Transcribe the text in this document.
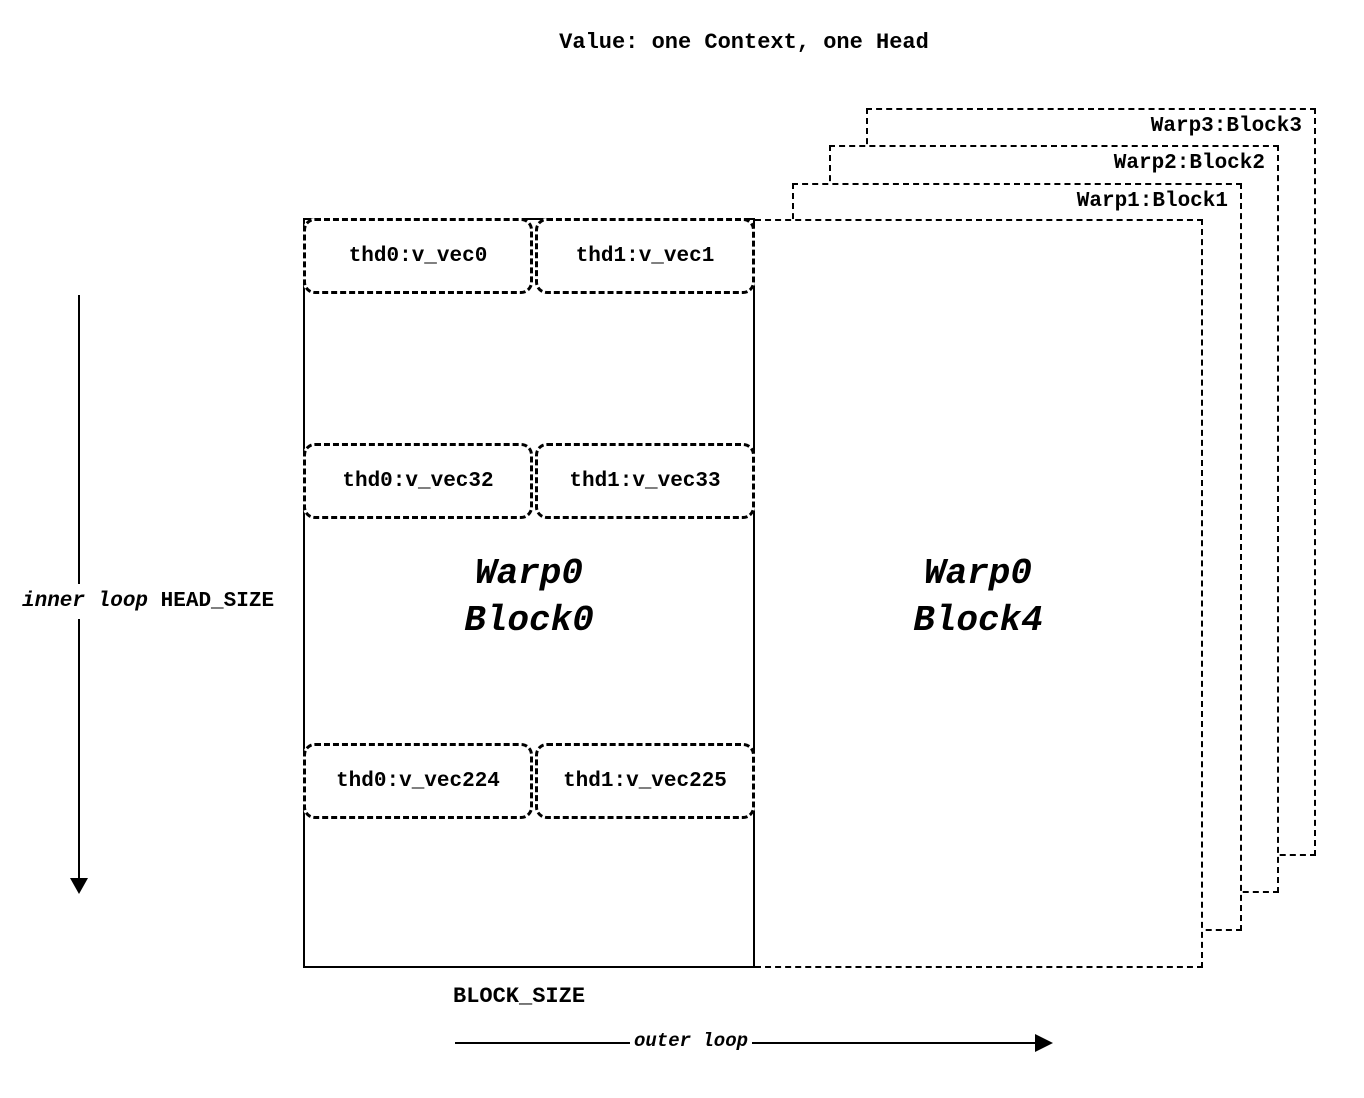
Value: one Context, one Head
Warp3:Block3
Warp2:Block2
Warp1:Block1
Warp0
Block4
thd0:v_vec0	thd1:v_vec1
thd0:v_vec32	thd1:v_vec33
thd0:v_vec224	thd1:v_vec225
Warp0
Block0
inner loop HEAD_SIZE
BLOCK_SIZE
outer loop
